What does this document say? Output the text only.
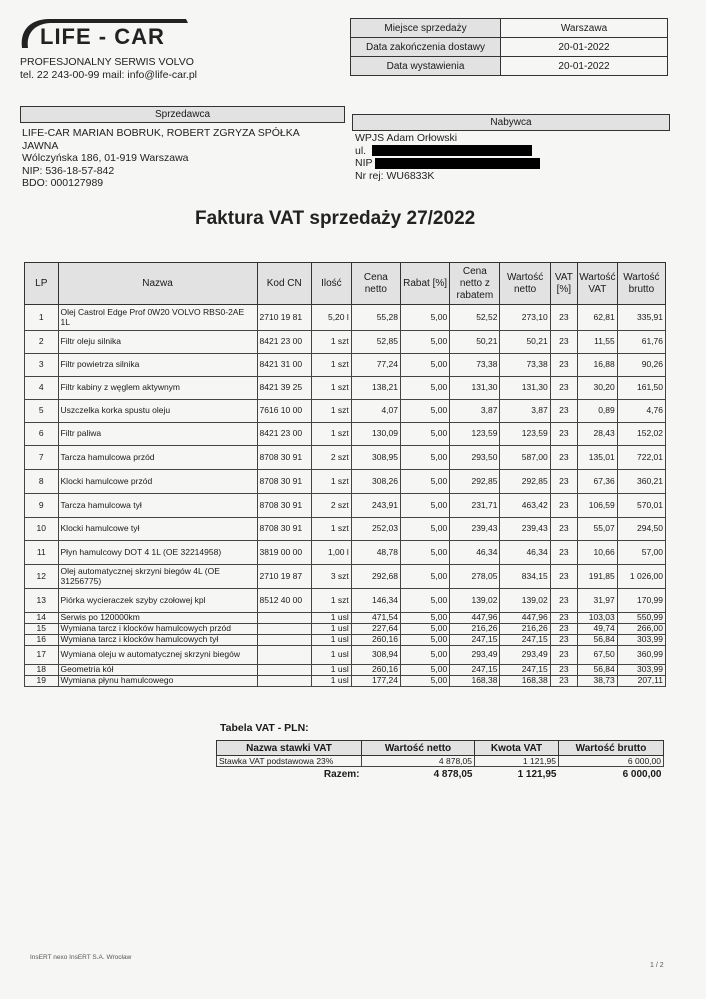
LIFE - CAR
PROFESJONALNY SERWIS VOLVO
tel. 22 243-00-99 mail: info@life-car.pl
Miejsce sprzedaży	Warszawa
Data zakończenia dostawy	20-01-2022
Data wystawienia	20-01-2022
Sprzedawca
LIFE-CAR MARIAN BOBRUK, ROBERT ZGRYZA SPÓŁKA
JAWNA
Wólczyńska 186, 01-919 Warszawa
NIP: 536-18-57-842
BDO: 000127989
Nabywca
WPJS Adam Orłowski
ul.
NIP
Nr rej: WU6833K
Faktura VAT sprzedaży 27/2022
LP	Nazwa	Kod CN	Ilość	Cena netto	Rabat [%]	Cena netto z rabatem	Wartość netto	VAT [%]	Wartość VAT	Wartość brutto
1	Olej Castrol Edge Prof 0W20 VOLVO RBS0-2AE 1L	2710 19 81	5,20 l	55,28	5,00	52,52	273,10	23	62,81	335,91
2	Filtr oleju silnika	8421 23 00	1 szt	52,85	5,00	50,21	50,21	23	11,55	61,76
3	Filtr powietrza silnika	8421 31 00	1 szt	77,24	5,00	73,38	73,38	23	16,88	90,26
4	Filtr kabiny z węglem aktywnym	8421 39 25	1 szt	138,21	5,00	131,30	131,30	23	30,20	161,50
5	Uszczelka korka spustu oleju	7616 10 00	1 szt	4,07	5,00	3,87	3,87	23	0,89	4,76
6	Filtr paliwa	8421 23 00	1 szt	130,09	5,00	123,59	123,59	23	28,43	152,02
7	Tarcza hamulcowa przód	8708 30 91	2 szt	308,95	5,00	293,50	587,00	23	135,01	722,01
8	Klocki hamulcowe przód	8708 30 91	1 szt	308,26	5,00	292,85	292,85	23	67,36	360,21
9	Tarcza hamulcowa tył	8708 30 91	2 szt	243,91	5,00	231,71	463,42	23	106,59	570,01
10	Klocki hamulcowe tył	8708 30 91	1 szt	252,03	5,00	239,43	239,43	23	55,07	294,50
11	Płyn hamulcowy DOT 4 1L (OE 32214958)	3819 00 00	1,00 l	48,78	5,00	46,34	46,34	23	10,66	57,00
12	Olej automatycznej skrzyni biegów 4L (OE 31256775)	2710 19 87	3 szt	292,68	5,00	278,05	834,15	23	191,85	1 026,00
13	Piórka wycieraczek szyby czołowej kpl	8512 40 00	1 szt	146,34	5,00	139,02	139,02	23	31,97	170,99
14	Serwis po 120000km		1 usl	471,54	5,00	447,96	447,96	23	103,03	550,99
15	Wymiana tarcz i klocków hamulcowych przód		1 usl	227,64	5,00	216,26	216,26	23	49,74	266,00
16	Wymiana tarcz i klocków hamulcowych tył		1 usl	260,16	5,00	247,15	247,15	23	56,84	303,99
17	Wymiana oleju w automatycznej skrzyni biegów		1 usl	308,94	5,00	293,49	293,49	23	67,50	360,99
18	Geometria kół		1 usl	260,16	5,00	247,15	247,15	23	56,84	303,99
19	Wymiana płynu hamulcowego		1 usl	177,24	5,00	168,38	168,38	23	38,73	207,11
Tabela VAT - PLN:
Nazwa stawki VAT	Wartość netto	Kwota VAT	Wartość brutto
Stawka VAT podstawowa 23%	4 878,05	1 121,95	6 000,00
Razem:	4 878,05	1 121,95	6 000,00
InsERT nexo InsERT S.A. Wrocław
1 / 2
